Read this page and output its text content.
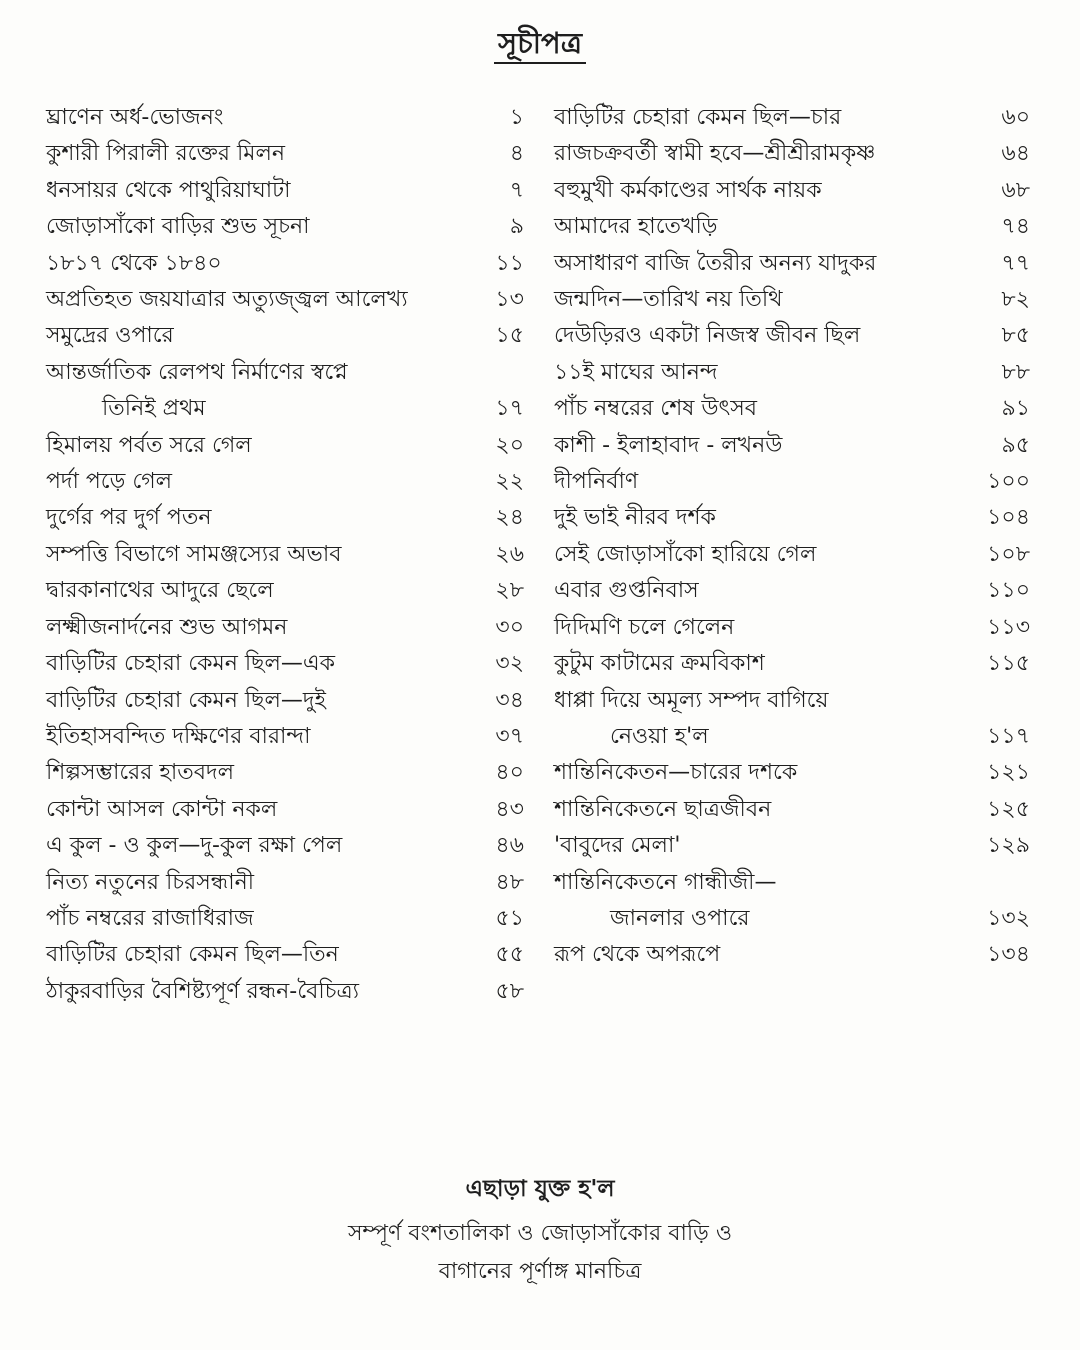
সূচীপত্র
ঘ্রাণেন অর্ধ-ভোজনং	১
কুশারী পিরালী রক্তের মিলন	৪
ধনসায়র থেকে পাথুরিয়াঘাটা	৭
জোড়াসাঁকো বাড়ির শুভ সূচনা	৯
১৮১৭ থেকে ১৮৪০	১১
অপ্রতিহত জয়যাত্রার অত্যুজ্জ্বল আলেখ্য	১৩
সমুদ্রের ওপারে	১৫
আন্তর্জাতিক রেলপথ নির্মাণের স্বপ্নে
তিনিই প্রথম	১৭
হিমালয় পর্বত সরে গেল	২০
পর্দা পড়ে গেল	২২
দুর্গের পর দুর্গ পতন	২৪
সম্পত্তি বিভাগে সামঞ্জস্যের অভাব	২৬
দ্বারকানাথের আদুরে ছেলে	২৮
লক্ষ্মীজনার্দনের শুভ আগমন	৩০
বাড়িটির চেহারা কেমন ছিল—এক	৩২
বাড়িটির চেহারা কেমন ছিল—দুই	৩৪
ইতিহাসবন্দিত দক্ষিণের বারান্দা	৩৭
শিল্পসম্ভারের হাতবদল	৪০
কোন্টা আসল কোন্টা নকল	৪৩
এ কুল - ও কুল—দু-কুল রক্ষা পেল	৪৬
নিত্য নতুনের চিরসন্ধানী	৪৮
পাঁচ নম্বরের রাজাধিরাজ	৫১
বাড়িটির চেহারা কেমন ছিল—তিন	৫৫
ঠাকুরবাড়ির বৈশিষ্ট্যপূর্ণ রন্ধন-বৈচিত্র্য	৫৮
বাড়িটির চেহারা কেমন ছিল—চার	৬০
রাজচক্রবর্তী স্বামী হবে—শ্রীশ্রীরামকৃষ্ণ	৬৪
বহুমুখী কর্মকাণ্ডের সার্থক নায়ক	৬৮
আমাদের হাতেখড়ি	৭৪
অসাধারণ বাজি তৈরীর অনন্য যাদুকর	৭৭
জন্মদিন—তারিখ নয় তিথি	৮২
দেউড়িরও একটা নিজস্ব জীবন ছিল	৮৫
১১ই মাঘের আনন্দ	৮৮
পাঁচ নম্বরের শেষ উৎসব	৯১
কাশী - ইলাহাবাদ - লখনউ	৯৫
দীপনির্বাণ	১০০
দুই ভাই নীরব দর্শক	১০৪
সেই জোড়াসাঁকো হারিয়ে গেল	১০৮
এবার গুপ্তনিবাস	১১০
দিদিমণি চলে গেলেন	১১৩
কুটুম কাটামের ক্রমবিকাশ	১১৫
ধাপ্পা দিয়ে অমূল্য সম্পদ বাগিয়ে
নেওয়া হ'ল	১১৭
শান্তিনিকেতন—চারের দশকে	১২১
শান্তিনিকেতনে ছাত্রজীবন	১২৫
'বাবুদের মেলা'	১২৯
শান্তিনিকেতনে গান্ধীজী—
জানলার ওপারে	১৩২
রূপ থেকে অপরূপে	১৩৪
এছাড়া যুক্ত হ'ল
সম্পূর্ণ বংশতালিকা ও জোড়াসাঁকোর বাড়ি ও
বাগানের পূর্ণাঙ্গ মানচিত্র
